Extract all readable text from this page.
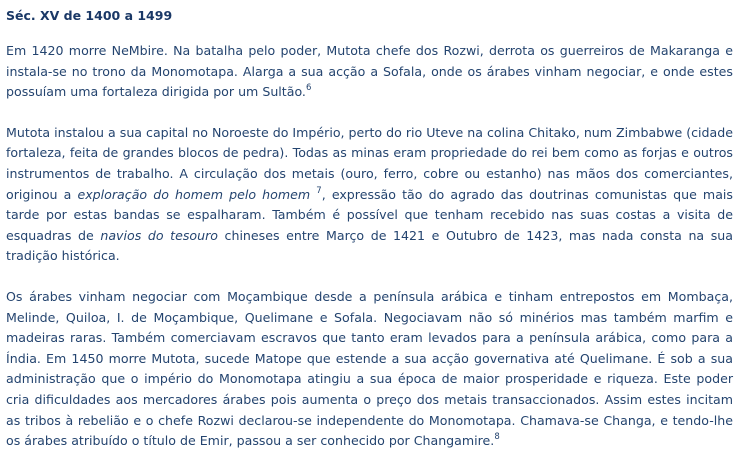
Séc. XV de 1400 a 1499

Em 1420 morre NeMbire. Na batalha pelo poder, Mutota chefe dos Rozwi, derrota os guerreiros de Makaranga e instala-se no trono da Monomotapa. Alarga a sua acção a Sofala, onde os árabes vinham negociar, e onde estes possuíam uma fortaleza dirigida por um Sultão.$^6$

Mutota instalou a sua capital no Noroeste do Império, perto do rio Uteve na colina Chitako, num Zimbabwe (cidade fortaleza, feita de grandes blocos de pedra). Todas as minas eram propriedade do rei bem como as forjas e outros instrumentos de trabalho. A circulação dos metais (ouro, ferro, cobre ou estanho) nas mãos dos comerciantes, originou a exploração do homem pelo homem $^7$, expressão tão do agrado das doutrinas comunistas que mais tarde por estas bandas se espalharam. Também é possível que tenham recebido nas suas costas a visita de esquadras de navios do tesouro chineses entre Março de 1421 e Outubro de 1423, mas nada consta na sua tradição histórica.

Os árabes vinham negociar com Moçambique desde a península arábica e tinham entrepostos em Mombaça, Melinde, Quiloa, I. de Moçambique, Quelimane e Sofala. Negociavam não só minérios mas também marfim e madeiras raras. Também comerciavam escravos que tanto eram levados para a península arábica, como para a Índia. Em 1450 morre Mutota, sucede Matope que estende a sua acção governativa até Quelimane. É sob a sua administração que o império do Monomotapa atingiu a sua época de maior prosperidade e riqueza. Este poder cria dificuldades aos mercadores árabes pois aumenta o preço dos metais transaccionados. Assim estes incitam as tribos à rebelião e o chefe Rozwi declarou-se independente do Monomotapa. Chamava-se Changa, e tendo-lhe os árabes atribuído o título de Emir, passou a ser conhecido por Changamire.$^8$
